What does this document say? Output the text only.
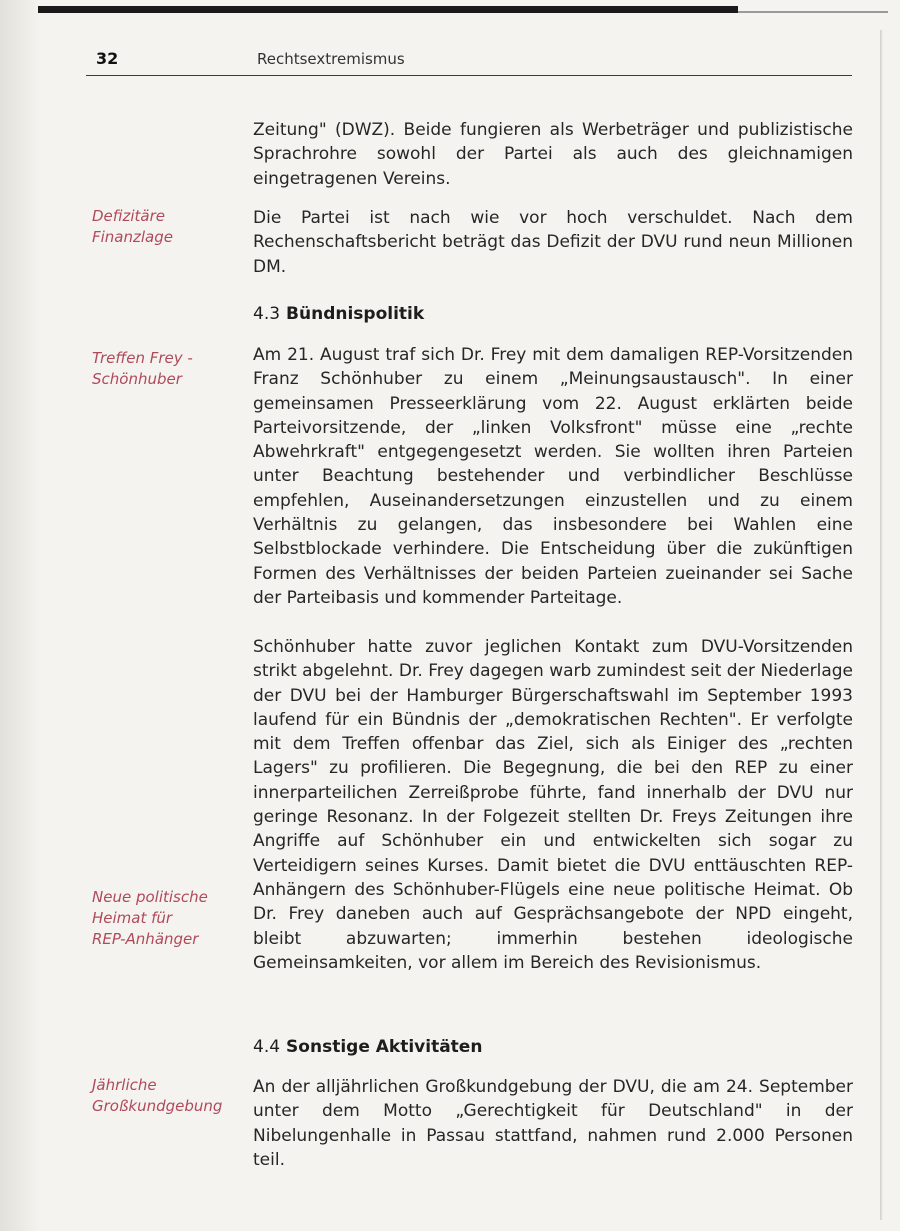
32	Rechtsextremismus
Defizitäre
Finanzlage
Treffen Frey -
Schönhuber
Neue politische
Heimat für
REP-Anhänger
Jährliche
Großkundgebung

Zeitung" (DWZ). Beide fungieren als Werbeträger und publizistische Sprachrohre sowohl der Partei als auch des gleichnamigen eingetragenen Vereins.

Die Partei ist nach wie vor hoch verschuldet. Nach dem Rechenschaftsbericht beträgt das Defizit der DVU rund neun Millionen DM.

4.3 Bündnispolitik

Am 21. August traf sich Dr. Frey mit dem damaligen REP-Vorsitzenden Franz Schönhuber zu einem „Meinungsaustausch". In einer gemeinsamen Presseerklärung vom 22. August erklärten beide Parteivorsitzende, der „linken Volksfront" müsse eine „rechte Abwehrkraft" entgegengesetzt werden. Sie wollten ihren Parteien unter Beachtung bestehender und verbindlicher Beschlüsse empfehlen, Auseinandersetzungen einzustellen und zu einem Verhältnis zu gelangen, das insbesondere bei Wahlen eine Selbstblockade verhindere. Die Entscheidung über die zukünftigen Formen des Verhältnisses der beiden Parteien zueinander sei Sache der Parteibasis und kommender Parteitage.

Schönhuber hatte zuvor jeglichen Kontakt zum DVU-Vorsitzenden strikt abgelehnt. Dr. Frey dagegen warb zumindest seit der Niederlage der DVU bei der Hamburger Bürgerschaftswahl im September 1993 laufend für ein Bündnis der „demokratischen Rechten". Er verfolgte mit dem Treffen offenbar das Ziel, sich als Einiger des „rechten Lagers" zu profilieren. Die Begegnung, die bei den REP zu einer innerparteilichen Zerreißprobe führte, fand innerhalb der DVU nur geringe Resonanz. In der Folgezeit stellten Dr. Freys Zeitungen ihre Angriffe auf Schönhuber ein und entwickelten sich sogar zu Verteidigern seines Kurses. Damit bietet die DVU enttäuschten REP-Anhängern des Schönhuber-Flügels eine neue politische Heimat. Ob Dr. Frey daneben auch auf Gesprächsangebote der NPD eingeht, bleibt abzuwarten; immerhin bestehen ideologische Gemeinsamkeiten, vor allem im Bereich des Revisionismus.

4.4 Sonstige Aktivitäten

An der alljährlichen Großkundgebung der DVU, die am 24. September unter dem Motto „Gerechtigkeit für Deutschland" in der Nibelungenhalle in Passau stattfand, nahmen rund 2.000 Personen teil.
